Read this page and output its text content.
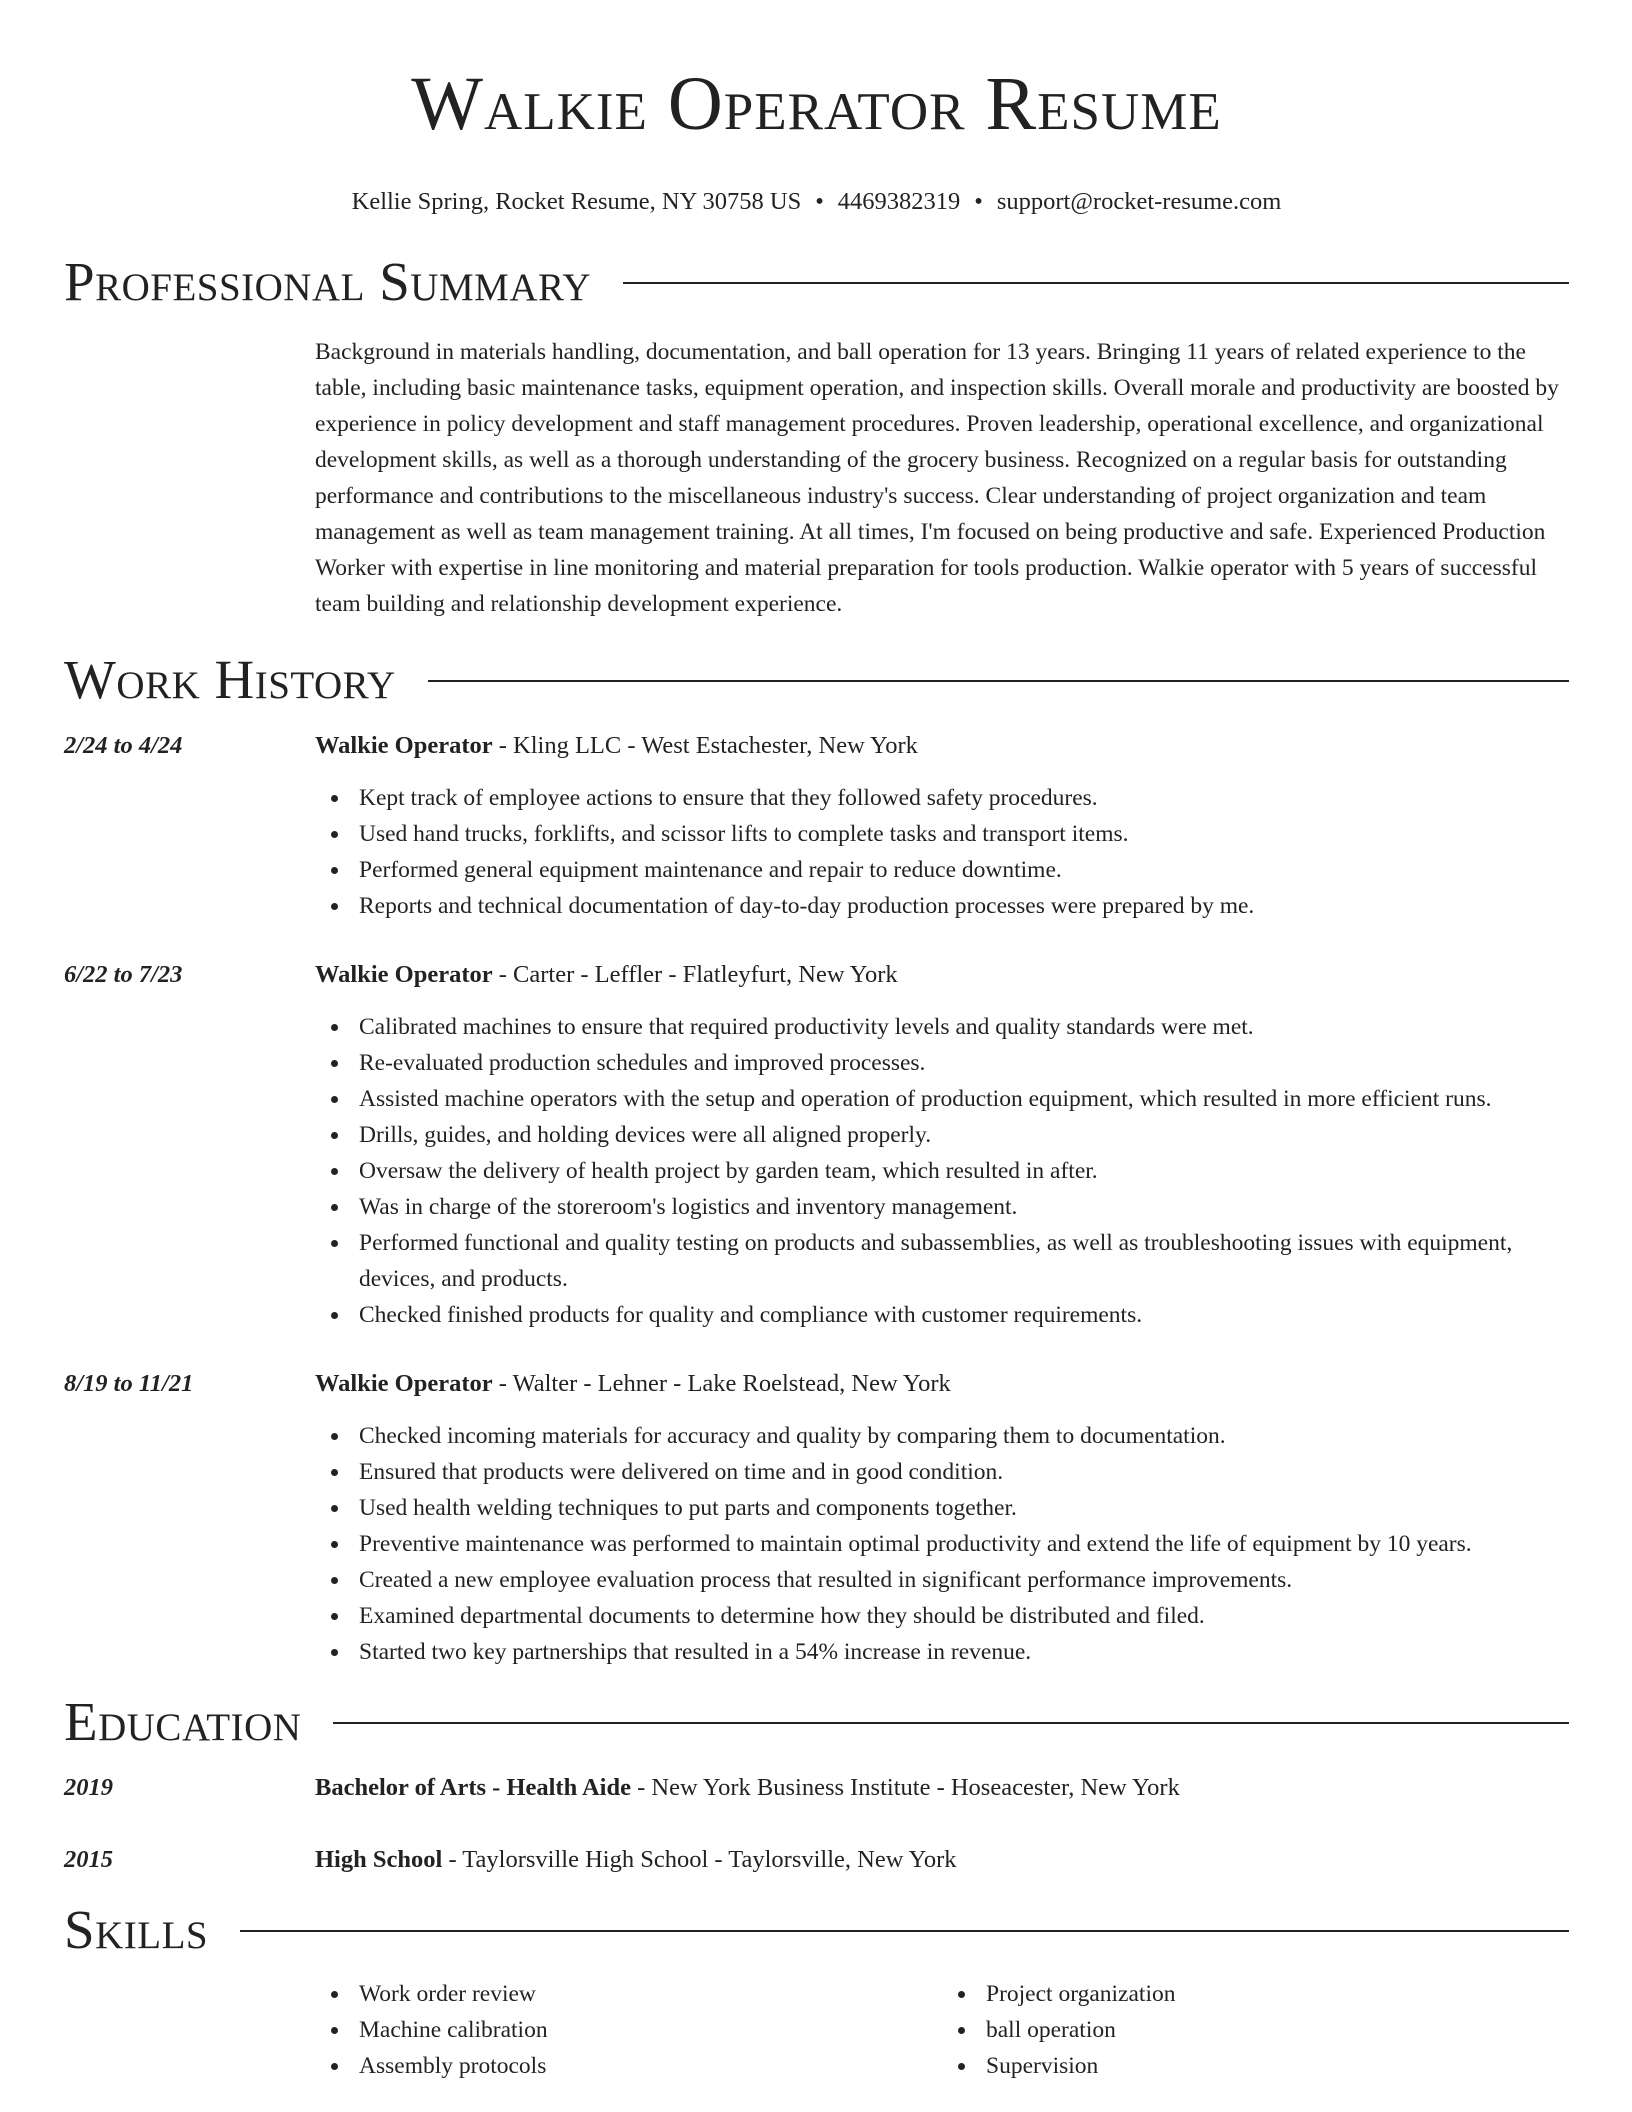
Walkie Operator Resume
Kellie Spring, Rocket Resume, NY 30758 US • 4469382319 • support@rocket-resume.com
Professional Summary

Background in materials handling, documentation, and ball operation for 13 years. Bringing 11 years of related experience to the table, including basic maintenance tasks, equipment operation, and inspection skills. Overall morale and productivity are boosted by experience in policy development and staff management procedures. Proven leadership, operational excellence, and organizational development skills, as well as a thorough understanding of the grocery business. Recognized on a regular basis for outstanding performance and contributions to the miscellaneous industry's success. Clear understanding of project organization and team management as well as team management training. At all times, I'm focused on being productive and safe. Experienced Production Worker with expertise in line monitoring and material preparation for tools production. Walkie operator with 5 years of successful team building and relationship development experience.

Work History
2/24 to 4/24	Walkie Operator - Kling LLC - West Estachester, New York
Kept track of employee actions to ensure that they followed safety procedures.
Used hand trucks, forklifts, and scissor lifts to complete tasks and transport items.
Performed general equipment maintenance and repair to reduce downtime.
Reports and technical documentation of day-to-day production processes were prepared by me.
6/22 to 7/23	Walkie Operator - Carter - Leffler - Flatleyfurt, New York
Calibrated machines to ensure that required productivity levels and quality standards were met.
Re-evaluated production schedules and improved processes.
Assisted machine operators with the setup and operation of production equipment, which resulted in more efficient runs.
Drills, guides, and holding devices were all aligned properly.
Oversaw the delivery of health project by garden team, which resulted in after.
Was in charge of the storeroom's logistics and inventory management.
Performed functional and quality testing on products and subassemblies, as well as troubleshooting issues with equipment, devices, and products.
Checked finished products for quality and compliance with customer requirements.
8/19 to 11/21	Walkie Operator - Walter - Lehner - Lake Roelstead, New York
Checked incoming materials for accuracy and quality by comparing them to documentation.
Ensured that products were delivered on time and in good condition.
Used health welding techniques to put parts and components together.
Preventive maintenance was performed to maintain optimal productivity and extend the life of equipment by 10 years.
Created a new employee evaluation process that resulted in significant performance improvements.
Examined departmental documents to determine how they should be distributed and filed.
Started two key partnerships that resulted in a 54% increase in revenue.
Education
2019	Bachelor of Arts - Health Aide - New York Business Institute - Hoseacester, New York
2015	High School - Taylorsville High School - Taylorsville, New York
Skills
Work order review
Machine calibration
Assembly protocols
Project organization
ball operation
Supervision
